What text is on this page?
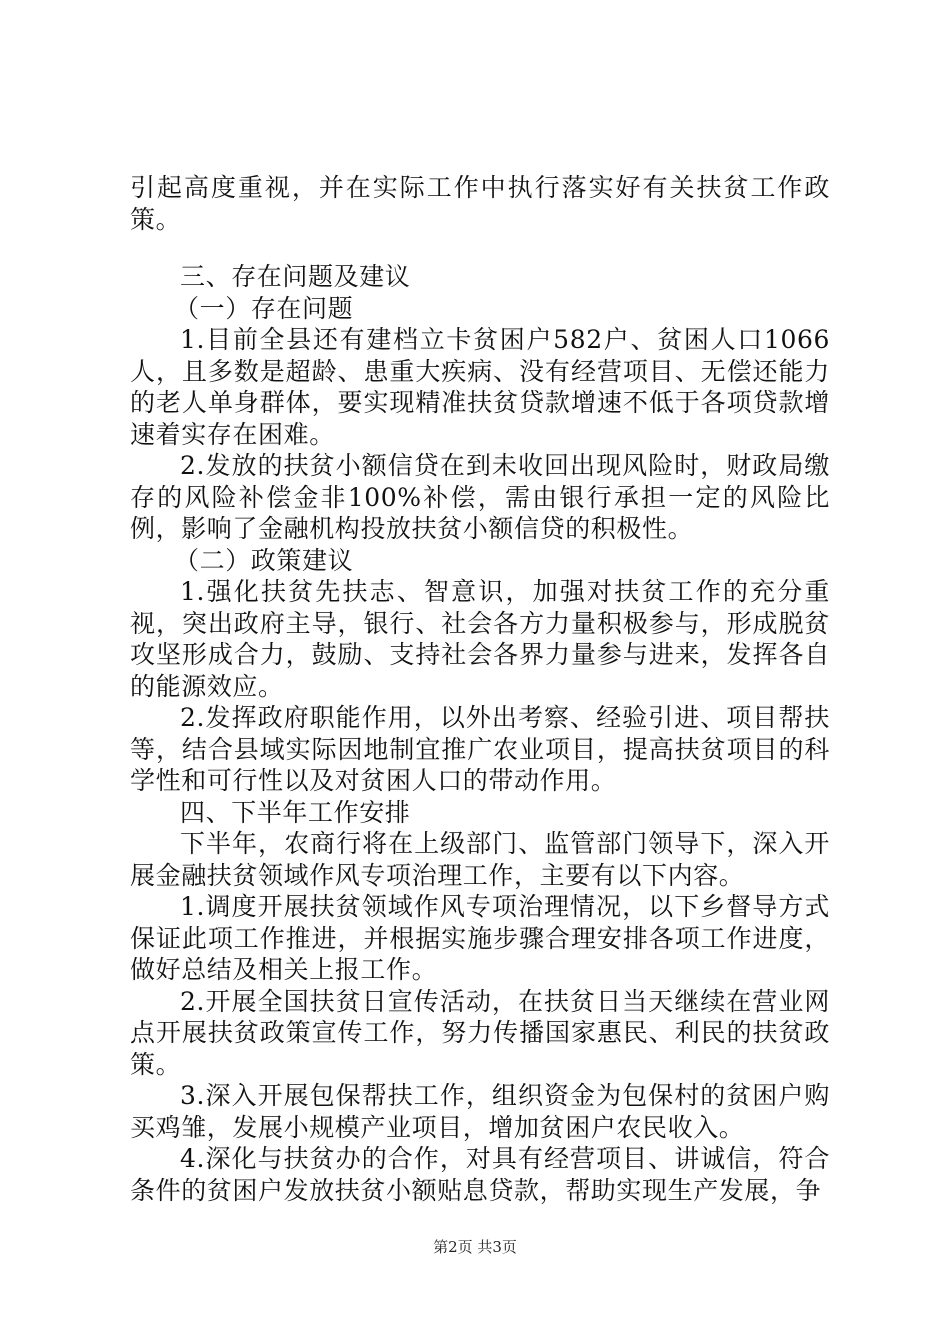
引起高度重视，并在实际工作中执行落实好有关扶贫工作政策。

三、存在问题及建议

（一）存在问题

1.目前全县还有建档立卡贫困户582户、贫困人口1066人，且多数是超龄、患重大疾病、没有经营项目、无偿还能力的老人单身群体，要实现精准扶贫贷款增速不低于各项贷款增速着实存在困难。

2.发放的扶贫小额信贷在到未收回出现风险时，财政局缴存的风险补偿金非100%补偿，需由银行承担一定的风险比例，影响了金融机构投放扶贫小额信贷的积极性。

（二）政策建议

1.强化扶贫先扶志、智意识，加强对扶贫工作的充分重视，突出政府主导，银行、社会各方力量积极参与，形成脱贫攻坚形成合力，鼓励、支持社会各界力量参与进来，发挥各自的能源效应。

2.发挥政府职能作用，以外出考察、经验引进、项目帮扶等，结合县域实际因地制宜推广农业项目，提高扶贫项目的科学性和可行性以及对贫困人口的带动作用。

四、下半年工作安排

下半年，农商行将在上级部门、监管部门领导下，深入开展金融扶贫领域作风专项治理工作，主要有以下内容。

1.调度开展扶贫领域作风专项治理情况，以下乡督导方式保证此项工作推进，并根据实施步骤合理安排各项工作进度，做好总结及相关上报工作。

2.开展全国扶贫日宣传活动，在扶贫日当天继续在营业网点开展扶贫政策宣传工作，努力传播国家惠民、利民的扶贫政策。

3.深入开展包保帮扶工作，组织资金为包保村的贫困户购买鸡雏，发展小规模产业项目，增加贫困户农民收入。

4.深化与扶贫办的合作，对具有经营项目、讲诚信，符合条件的贫困户发放扶贫小额贴息贷款，帮助实现生产发展，争

第2页 共3页
